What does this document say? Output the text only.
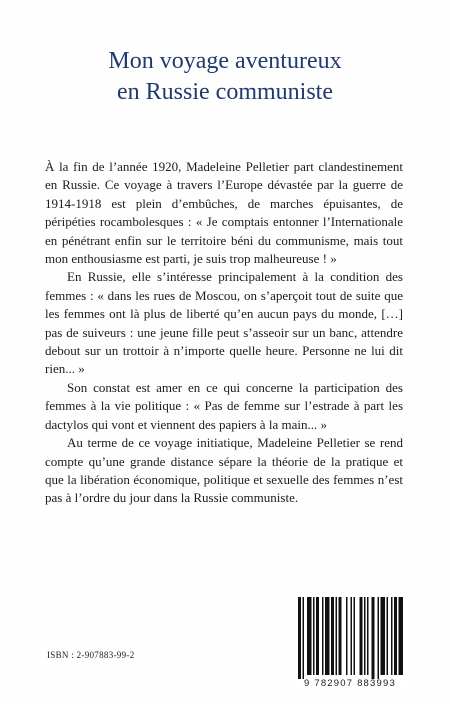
Mon voyage aventureux
en Russie communiste

À la fin de l’année 1920, Madeleine Pelletier part clandestinement en Russie. Ce voyage à travers l’Europe dévastée par la guerre de 1914-1918 est plein d’embûches, de marches épuisantes, de péripéties rocambolesques : « Je comptais entonner l’Internationale en pénétrant enfin sur le territoire béni du communisme, mais tout mon enthousiasme est parti, je suis trop malheureuse ! »

En Russie, elle s’intéresse principalement à la condition des femmes : « dans les rues de Moscou, on s’aperçoit tout de suite que les femmes ont là plus de liberté qu’en aucun pays du monde, […] pas de suiveurs : une jeune fille peut s’asseoir sur un banc, attendre debout sur un trottoir à n’importe quelle heure. Personne ne lui dit rien... »

Son constat est amer en ce qui concerne la participation des femmes à la vie politique : « Pas de femme sur l’estrade à part les dactylos qui vont et viennent des papiers à la main... »

Au terme de ce voyage initiatique, Madeleine Pelletier se rend compte qu’une grande distance sépare la théorie de la pratique et que la libération économique, politique et sexuelle des femmes n’est pas à l’ordre du jour dans la Russie communiste.

ISBN : 2-907883-99-2
9 782907 883993
